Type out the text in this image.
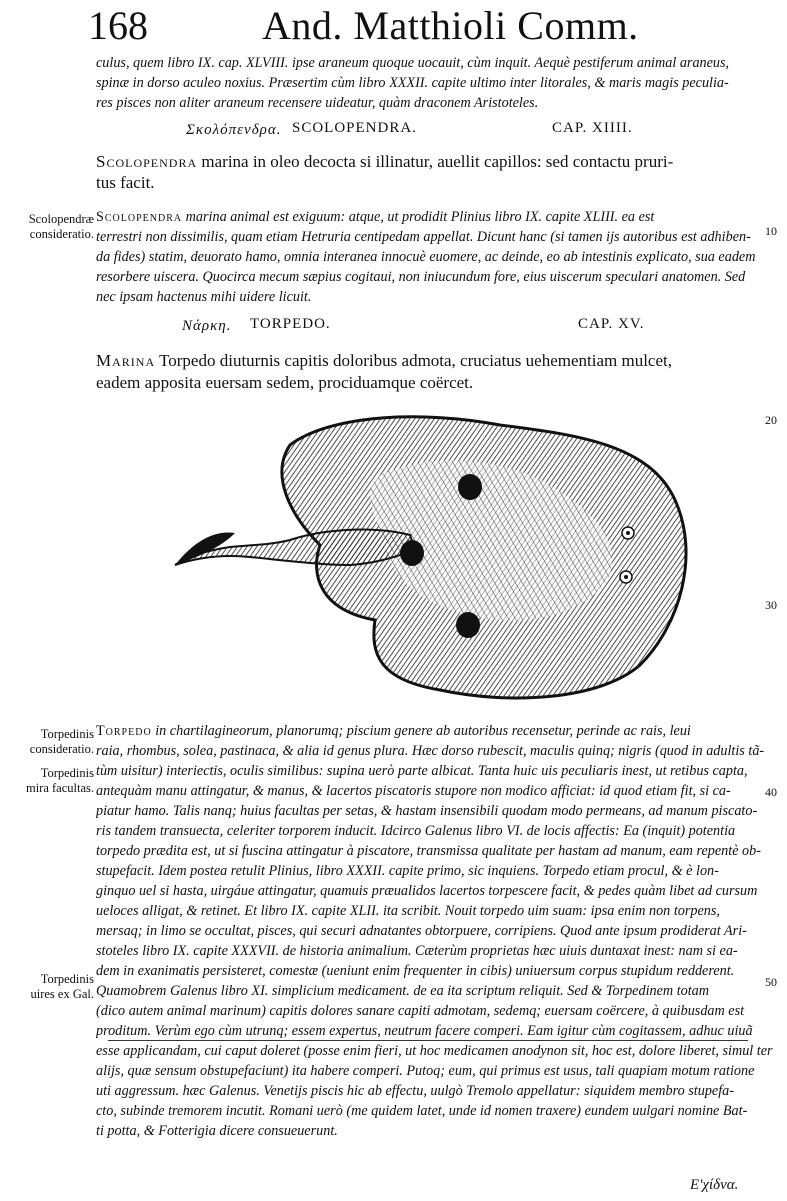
168	And. Matthioli Comm.
culus, quem libro IX. cap. XLVIII. ipse araneum quoque uocauit, cùm inquit. Aequè pestiferum animal araneus,
spinæ in dorso aculeo noxius. Præsertim cùm libro XXXII. capite ultimo inter litorales, & maris magis peculia-
res pisces non aliter araneum recensere uideatur, quàm draconem Aristoteles.
Σκολόπενδρα. SCOLOPENDRA.	CAP. XIIII.
Scolopendra marina in oleo decocta si illinatur, auellit capillos: sed contactu pruri-
tus facit.
Scolopendræ
consideratio.
Scolopendra marina animal est exiguum: atque, ut prodidit Plinius libro IX. capite XLIII. ea est
terrestri non dissimilis, quam etiam Hetruria centipedam appellat. Dicunt hanc (si tamen ijs autoribus est adhiben-
da fides) statim, deuorato hamo, omnia interanea innocuè euomere, ac deinde, eo ab intestinis explicato, sua eadem
resorbere uiscera. Quocirca mecum sæpius cogitaui, non iniucundum fore, eius uiscerum speculari anatomen. Sed
nec ipsam hactenus mihi uidere licuit.
10
Νάρκη. TORPEDO.	CAP. XV.
Marina Torpedo diuturnis capitis doloribus admota, cruciatus uehementiam mulcet,
eadem apposita euersam sedem, prociduamque coërcet.
20
30
Torpedinis
consideratio.
Torpedinis
mira facultas.
Torpedinis
uires ex Gal.
Torpedo in chartilagineorum, planorumq; piscium genere ab autoribus recensetur, perinde ac rais, leui
raia, rhombus, solea, pastinaca, & alia id genus plura. Hæc dorso rubescit, maculis quinq; nigris (quod in adultis tã-
tùm uisitur) interiectis, oculis similibus: supina uerò parte albicat. Tanta huic uis peculiaris inest, ut retibus capta,
antequàm manu attingatur, & manus, & lacertos piscatoris stupore non modico afficiat: id quod etiam fit, si ca-
piatur hamo. Talis nanq; huius facultas per setas, & hastam insensibili quodam modo permeans, ad manum piscato-
ris tandem transuecta, celeriter torporem inducit. Idcirco Galenus libro VI. de locis affectis: Ea (inquit) potentia
torpedo prædita est, ut si fuscina attingatur à piscatore, transmissa qualitate per hastam ad manum, eam repentè ob-
stupefacit. Idem postea retulit Plinius, libro XXXII. capite primo, sic inquiens. Torpedo etiam procul, & è lon-
ginquo uel si hasta, uirgáue attingatur, quamuis præualidos lacertos torpescere facit, & pedes quàm libet ad cursum
ueloces alligat, & retinet. Et libro IX. capite XLII. ita scribit. Nouit torpedo uim suam: ipsa enim non torpens,
mersaq; in limo se occultat, pisces, qui securi adnatantes obtorpuere, corripiens. Quod ante ipsum prodiderat Ari-
stoteles libro IX. capite XXXVII. de historia animalium. Cæterùm proprietas hæc uiuis duntaxat inest: nam si ea-
dem in exanimatis persisteret, comestæ (ueniunt enim frequenter in cibis) uniuersum corpus stupidum redderent.
Quamobrem Galenus libro XI. simplicium medicament. de ea ita scriptum reliquit. Sed & Torpedinem totam
(dico autem animal marinum) capitis dolores sanare capiti admotam, sedemq; euersam coërcere, à quibusdam est
proditum. Verùm ego cùm utrunq; essem expertus, neutrum facere comperi. Eam igitur cùm cogitassem, adhuc uiuã
esse applicandam, cui caput doleret (posse enim fieri, ut hoc medicamen anodynon sit, hoc est, dolore liberet, simul ter
alijs, quæ sensum obstupefaciunt) ita habere comperi. Putoq; eum, qui primus est usus, tali quapiam motum ratione
uti aggressum. hæc Galenus. Venetijs piscis hic ab effectu, uulgò Tremolo appellatur: siquidem membro stupefa-
cto, subinde tremorem incutit. Romani uerò (me quidem latet, unde id nomen traxere) eundem uulgari nomine Bat-
ti potta, & Fotterigia dicere consueuerunt.
40
50
E'χίδνα.
